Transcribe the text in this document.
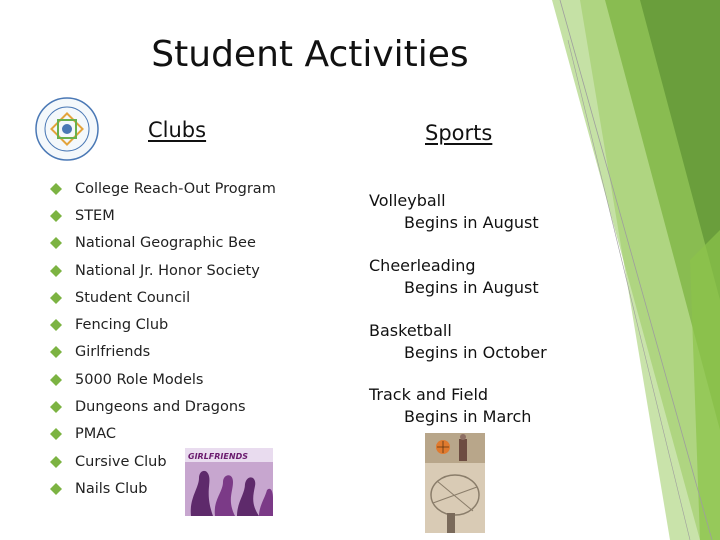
Student Activities
Clubs	Sports
College Reach-Out Program
STEM
National Geographic Bee
National Jr. Honor Society
Student Council
Fencing Club
Girlfriends
5000 Role Models
Dungeons and Dragons
PMAC
Cursive Club
Nails Club
Volleyball
Begins in August
Cheerleading
Begins in August
Basketball
Begins in October
Track and Field
Begins in March
GIRLFRIENDS
